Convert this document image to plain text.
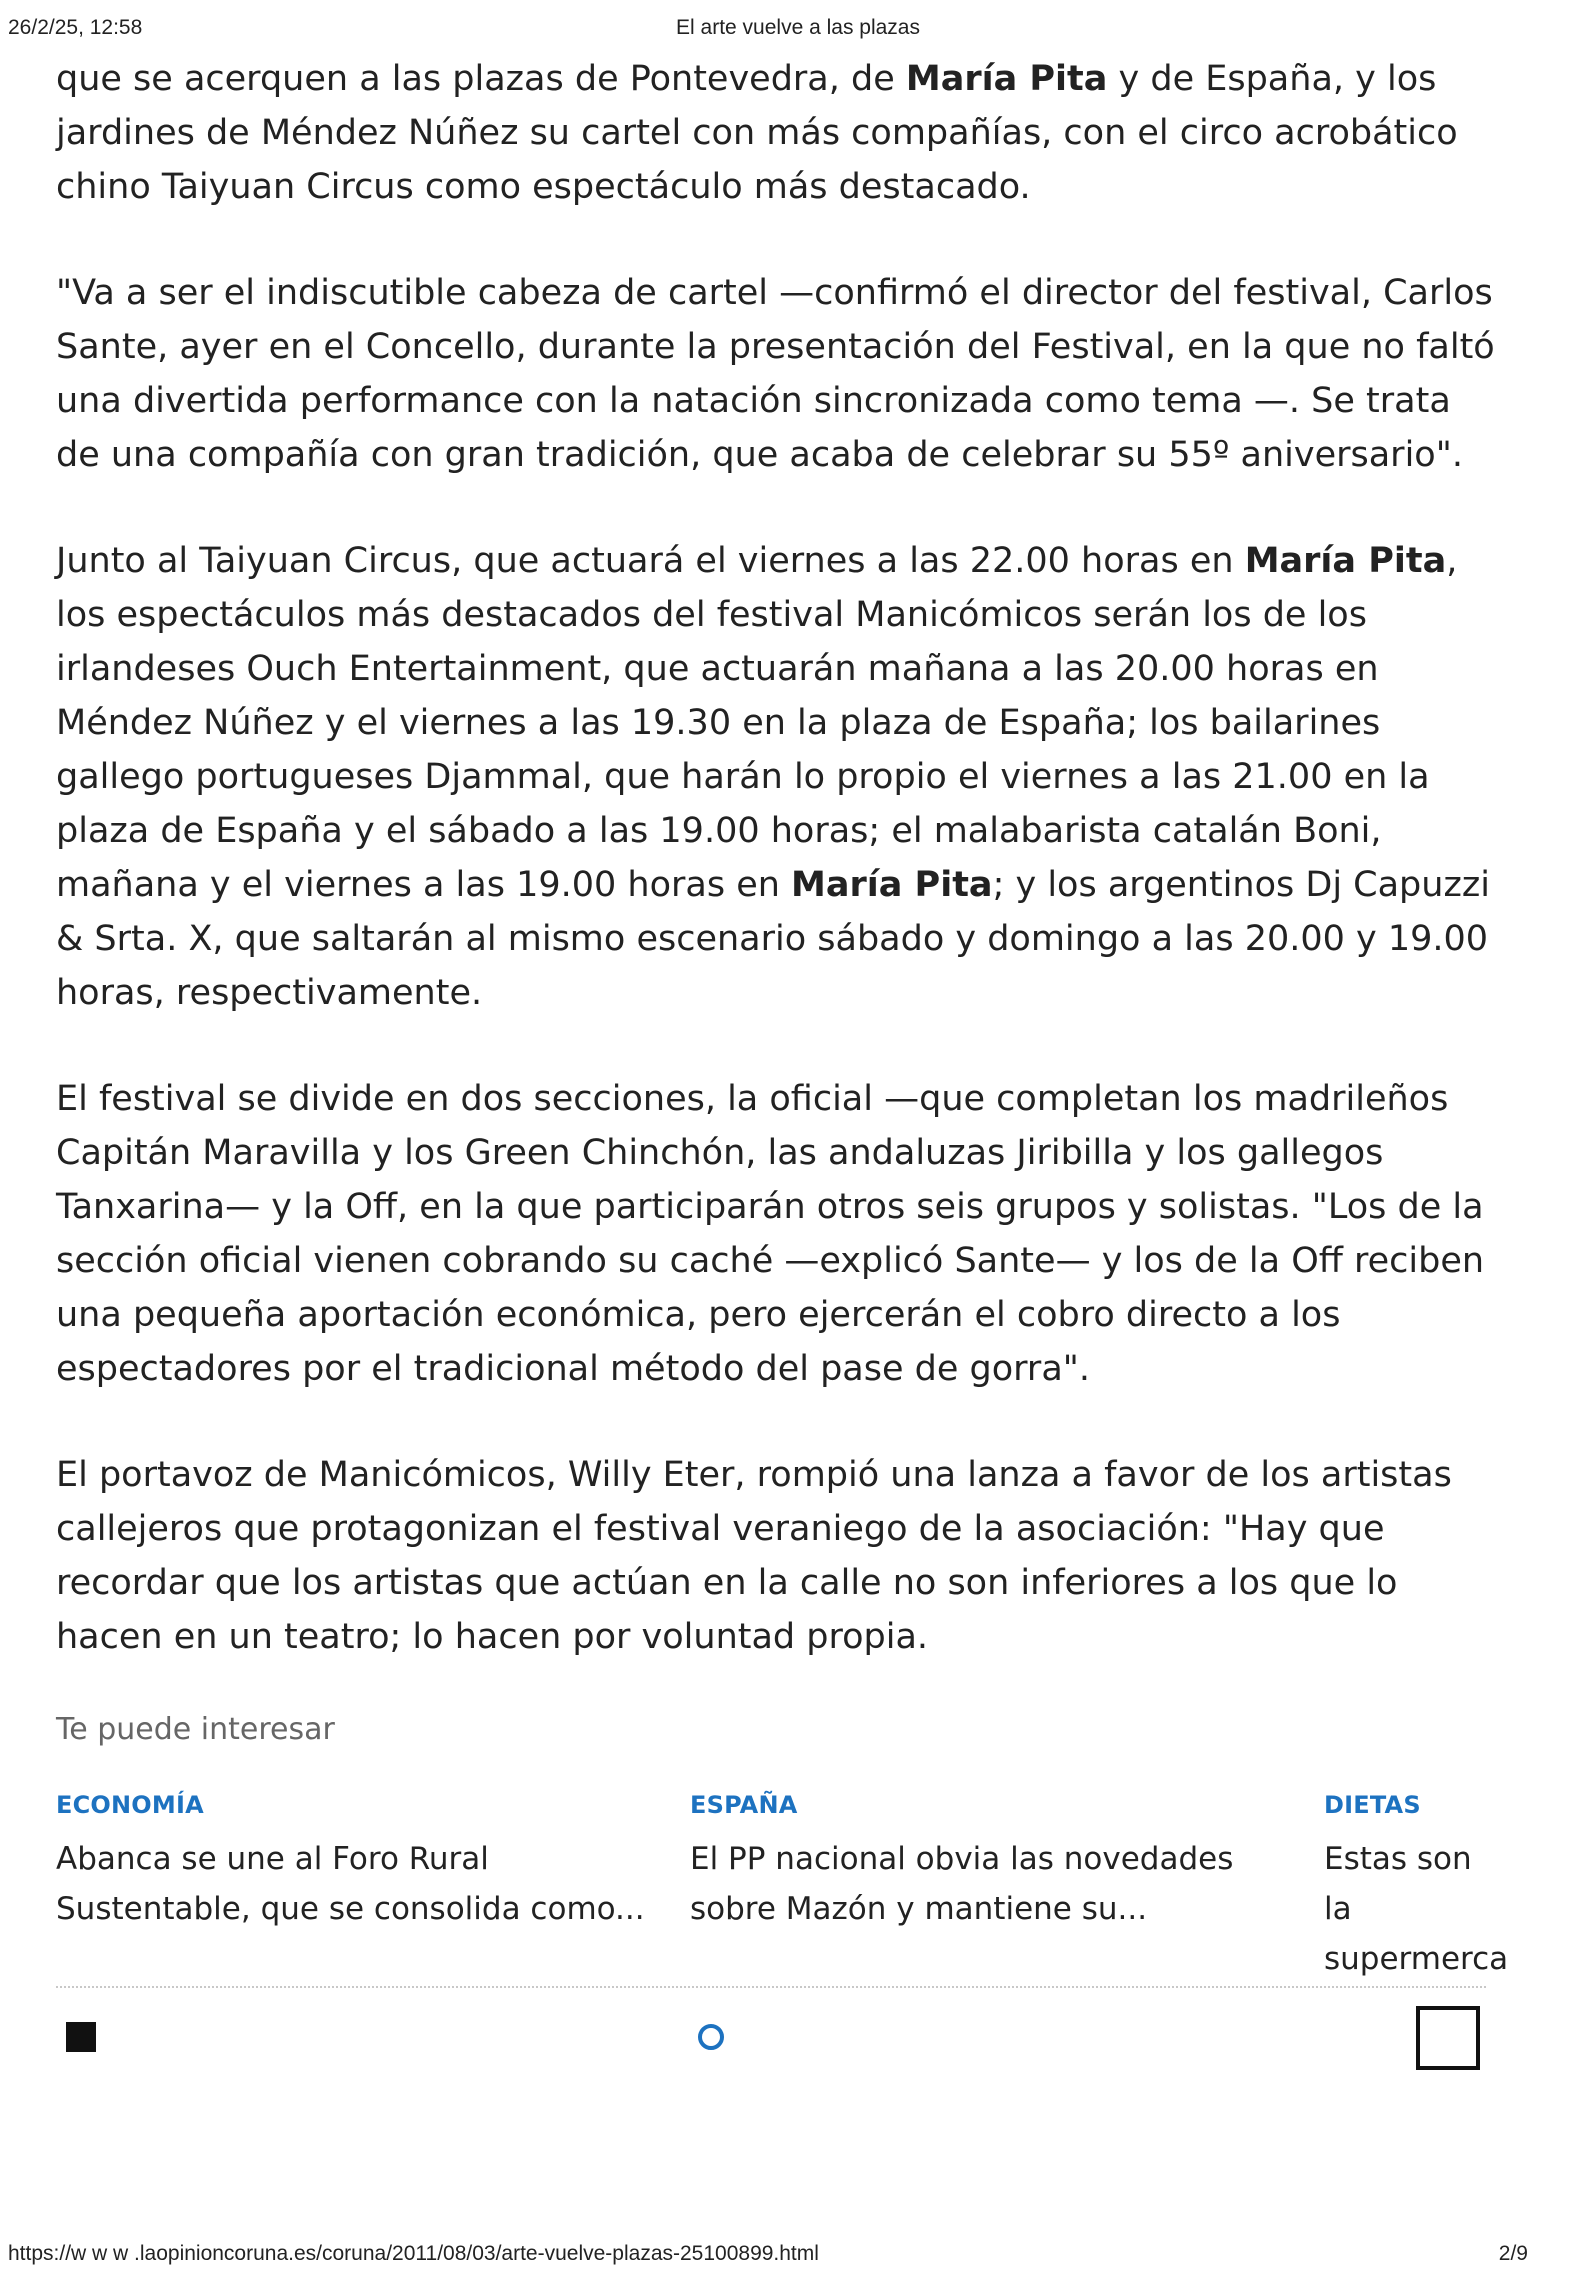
26/2/25, 12:58	El arte vuelve a las plazas

que se acerquen a las plazas de Pontevedra, de María Pita y de España, y los jardines de Méndez Núñez su cartel con más compañías, con el circo acrobático chino Taiyuan Circus como espectáculo más destacado.

"Va a ser el indiscutible cabeza de cartel —confirmó el director del festival, Carlos Sante, ayer en el Concello, durante la presentación del Festival, en la que no faltó una divertida performance con la natación sincronizada como tema —. Se trata de una compañía con gran tradición, que acaba de celebrar su 55º aniversario".

Junto al Taiyuan Circus, que actuará el viernes a las 22.00 horas en María Pita, los espectáculos más destacados del festival Manicómicos serán los de los irlandeses Ouch Entertainment, que actuarán mañana a las 20.00 horas en Méndez Núñez y el viernes a las 19.30 en la plaza de España; los bailarines gallego portugueses Djammal, que harán lo propio el viernes a las 21.00 en la plaza de España y el sábado a las 19.00 horas; el malabarista catalán Boni, mañana y el viernes a las 19.00 horas en María Pita; y los argentinos Dj Capuzzi & Srta. X, que saltarán al mismo escenario sábado y domingo a las 20.00 y 19.00 horas, respectivamente.

El festival se divide en dos secciones, la oficial —que completan los madrileños Capitán Maravilla y los Green Chinchón, las andaluzas Jiribilla y los gallegos Tanxarina— y la Off, en la que participarán otros seis grupos y solistas. "Los de la sección oficial vienen cobrando su caché —explicó Sante— y los de la Off reciben una pequeña aportación económica, pero ejercerán el cobro directo a los espectadores por el tradicional método del pase de gorra".

El portavoz de Manicómicos, Willy Eter, rompió una lanza a favor de los artistas callejeros que protagonizan el festival veraniego de la asociación: "Hay que recordar que los artistas que actúan en la calle no son inferiores a los que lo hacen en un teatro; lo hacen por voluntad propia.

Te puede interesar
ECONOMÍA
Abanca se une al Foro Rural Sustentable, que se consolida como...
ESPAÑA
El PP nacional obvia las novedades sobre Mazón y mantiene su...
DIETAS
Estas son la supermerca
https://w w w .laopinioncoruna.es/coruna/2011/08/03/arte-vuelve-plazas-25100899.html	2/9
